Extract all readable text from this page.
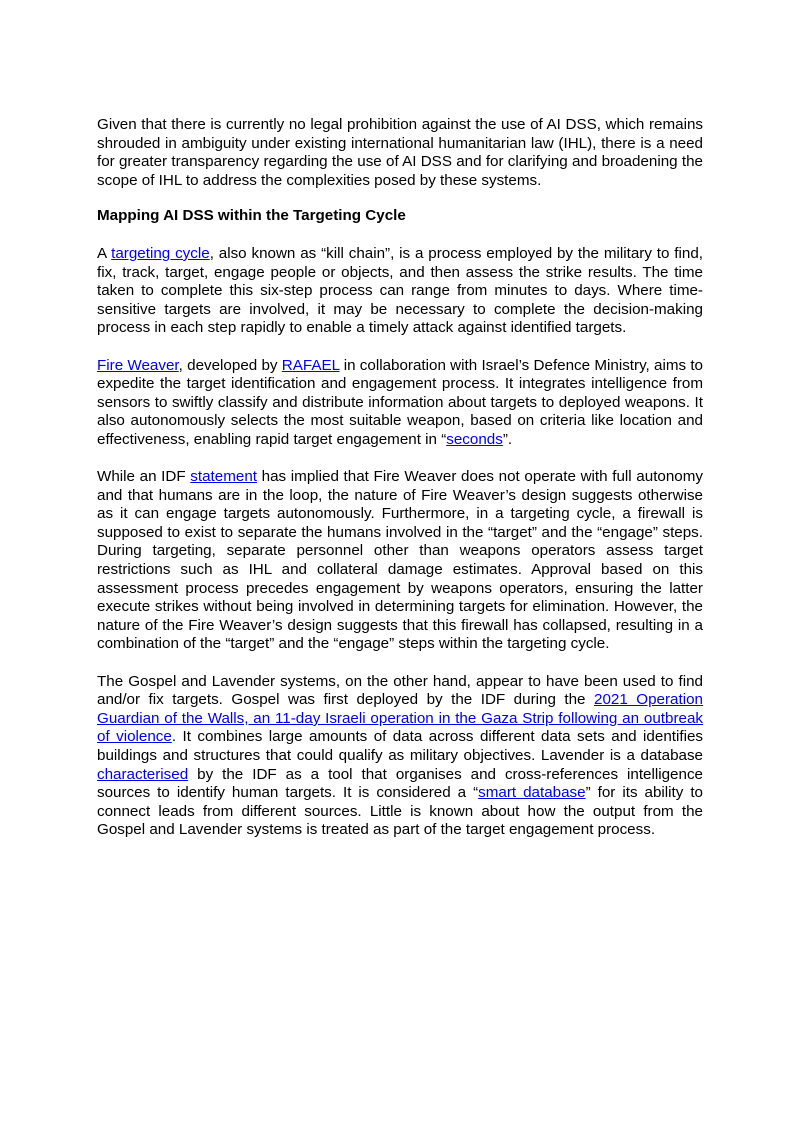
Given that there is currently no legal prohibition against the use of AI DSS, which remains shrouded in ambiguity under existing international humanitarian law (IHL), there is a need for greater transparency regarding the use of AI DSS and for clarifying and broadening the scope of IHL to address the complexities posed by these systems.

Mapping AI DSS within the Targeting Cycle

A targeting cycle, also known as “kill chain”, is a process employed by the military to find, fix, track, target, engage people or objects, and then assess the strike results. The time taken to complete this six-step process can range from minutes to days. Where time-sensitive targets are involved, it may be necessary to complete the decision-making process in each step rapidly to enable a timely attack against identified targets.

Fire Weaver, developed by RAFAEL in collaboration with Israel’s Defence Ministry, aims to expedite the target identification and engagement process. It integrates intelligence from sensors to swiftly classify and distribute information about targets to deployed weapons. It also autonomously selects the most suitable weapon, based on criteria like location and effectiveness, enabling rapid target engagement in “seconds”.

While an IDF statement has implied that Fire Weaver does not operate with full autonomy and that humans are in the loop, the nature of Fire Weaver’s design suggests otherwise as it can engage targets autonomously. Furthermore, in a targeting cycle, a firewall is supposed to exist to separate the humans involved in the “target” and the “engage” steps. During targeting, separate personnel other than weapons operators assess target restrictions such as IHL and collateral damage estimates. Approval based on this assessment process precedes engagement by weapons operators, ensuring the latter execute strikes without being involved in determining targets for elimination. However, the nature of the Fire Weaver’s design suggests that this firewall has collapsed, resulting in a combination of the “target” and the “engage” steps within the targeting cycle.

The Gospel and Lavender systems, on the other hand, appear to have been used to find and/or fix targets. Gospel was first deployed by the IDF during the 2021 Operation Guardian of the Walls, an 11-day Israeli operation in the Gaza Strip following an outbreak of violence. It combines large amounts of data across different data sets and identifies buildings and structures that could qualify as military objectives. Lavender is a database characterised by the IDF as a tool that organises and cross-references intelligence sources to identify human targets. It is considered a “smart database” for its ability to connect leads from different sources. Little is known about how the output from the Gospel and Lavender systems is treated as part of the target engagement process.
